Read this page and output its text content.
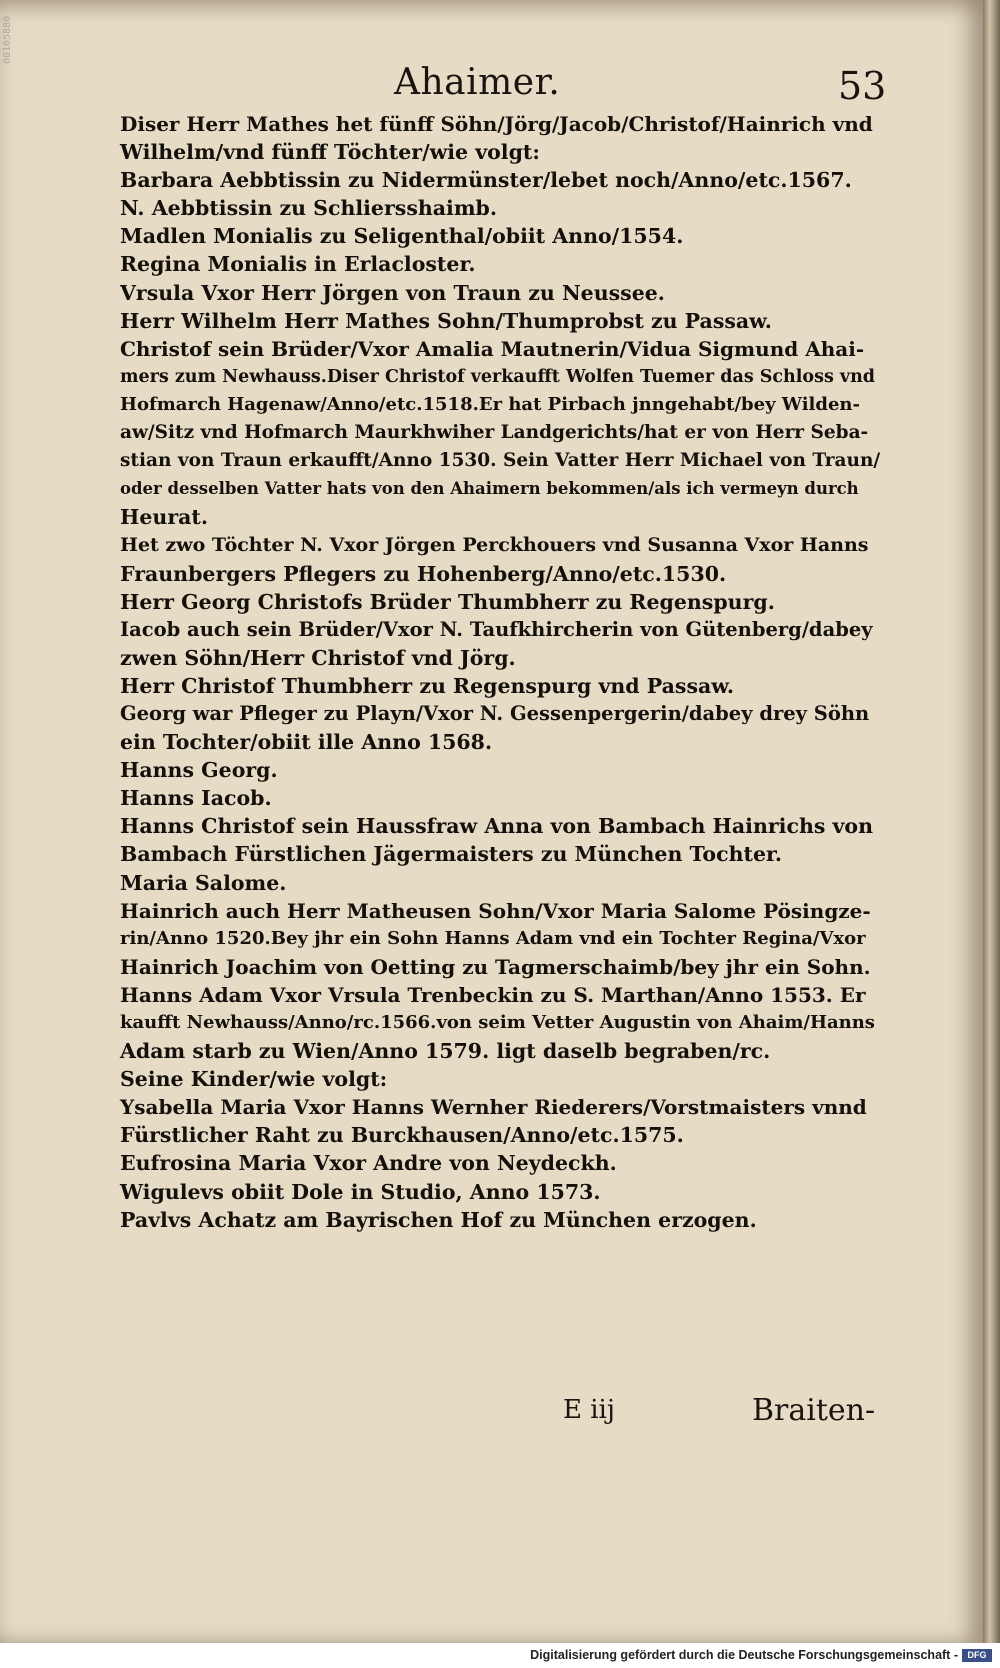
00105880
Ahaimer.	53
Diser Herr Mathes het fünff Söhn/Jörg/Jacob/Christof/Hainrich vnd
Wilhelm/vnd fünff Töchter/wie volgt:
Barbara Aebbtissin zu Nidermünster/lebet noch/Anno/etc.1567.
N. Aebbtissin zu Schliersshaimb.
Madlen Monialis zu Seligenthal/obiit Anno/1554.
Regina Monialis in Erlacloster.
Vrsula Vxor Herr Jörgen von Traun zu Neussee.
Herr Wilhelm Herr Mathes Sohn/Thumprobst zu Passaw.
Christof sein Brüder/Vxor Amalia Mautnerin/Vidua Sigmund Ahai-
mers zum Newhauss.Diser Christof verkaufft Wolfen Tuemer das Schloss vnd
Hofmarch Hagenaw/Anno/etc.1518.Er hat Pirbach jnngehabt/bey Wilden-
aw/Sitz vnd Hofmarch Maurkhwiher Landgerichts/hat er von Herr Seba-
stian von Traun erkaufft/Anno 1530. Sein Vatter Herr Michael von Traun/
oder desselben Vatter hats von den Ahaimern bekommen/als ich vermeyn durch
Heurat.
Het zwo Töchter N. Vxor Jörgen Perckhouers vnd Susanna Vxor Hanns
Fraunbergers Pflegers zu Hohenberg/Anno/etc.1530.
Herr Georg Christofs Brüder Thumbherr zu Regenspurg.
Iacob auch sein Brüder/Vxor N. Taufkhircherin von Gütenberg/dabey
zwen Söhn/Herr Christof vnd Jörg.
Herr Christof Thumbherr zu Regenspurg vnd Passaw.
Georg war Pfleger zu Playn/Vxor N. Gessenpergerin/dabey drey Söhn
ein Tochter/obiit ille Anno 1568.
Hanns Georg.
Hanns Iacob.
Hanns Christof sein Haussfraw Anna von Bambach Hainrichs von
Bambach Fürstlichen Jägermaisters zu München Tochter.
Maria Salome.
Hainrich auch Herr Matheusen Sohn/Vxor Maria Salome Pösingze-
rin/Anno 1520.Bey jhr ein Sohn Hanns Adam vnd ein Tochter Regina/Vxor
Hainrich Joachim von Oetting zu Tagmerschaimb/bey jhr ein Sohn.
Hanns Adam Vxor Vrsula Trenbeckin zu S. Marthan/Anno 1553. Er
kaufft Newhauss/Anno/rc.1566.von seim Vetter Augustin von Ahaim/Hanns
Adam starb zu Wien/Anno 1579. ligt daselb begraben/rc.
Seine Kinder/wie volgt:
Ysabella Maria Vxor Hanns Wernher Riederers/Vorstmaisters vnnd
Fürstlicher Raht zu Burckhausen/Anno/etc.1575.
Eufrosina Maria Vxor Andre von Neydeckh.
Wigulevs obiit Dole in Studio, Anno 1573.
Pavlvs Achatz am Bayrischen Hof zu München erzogen.
E iij	Braiten-
Digitalisierung gefördert durch die Deutsche Forschungsgemeinschaft -	DFG
